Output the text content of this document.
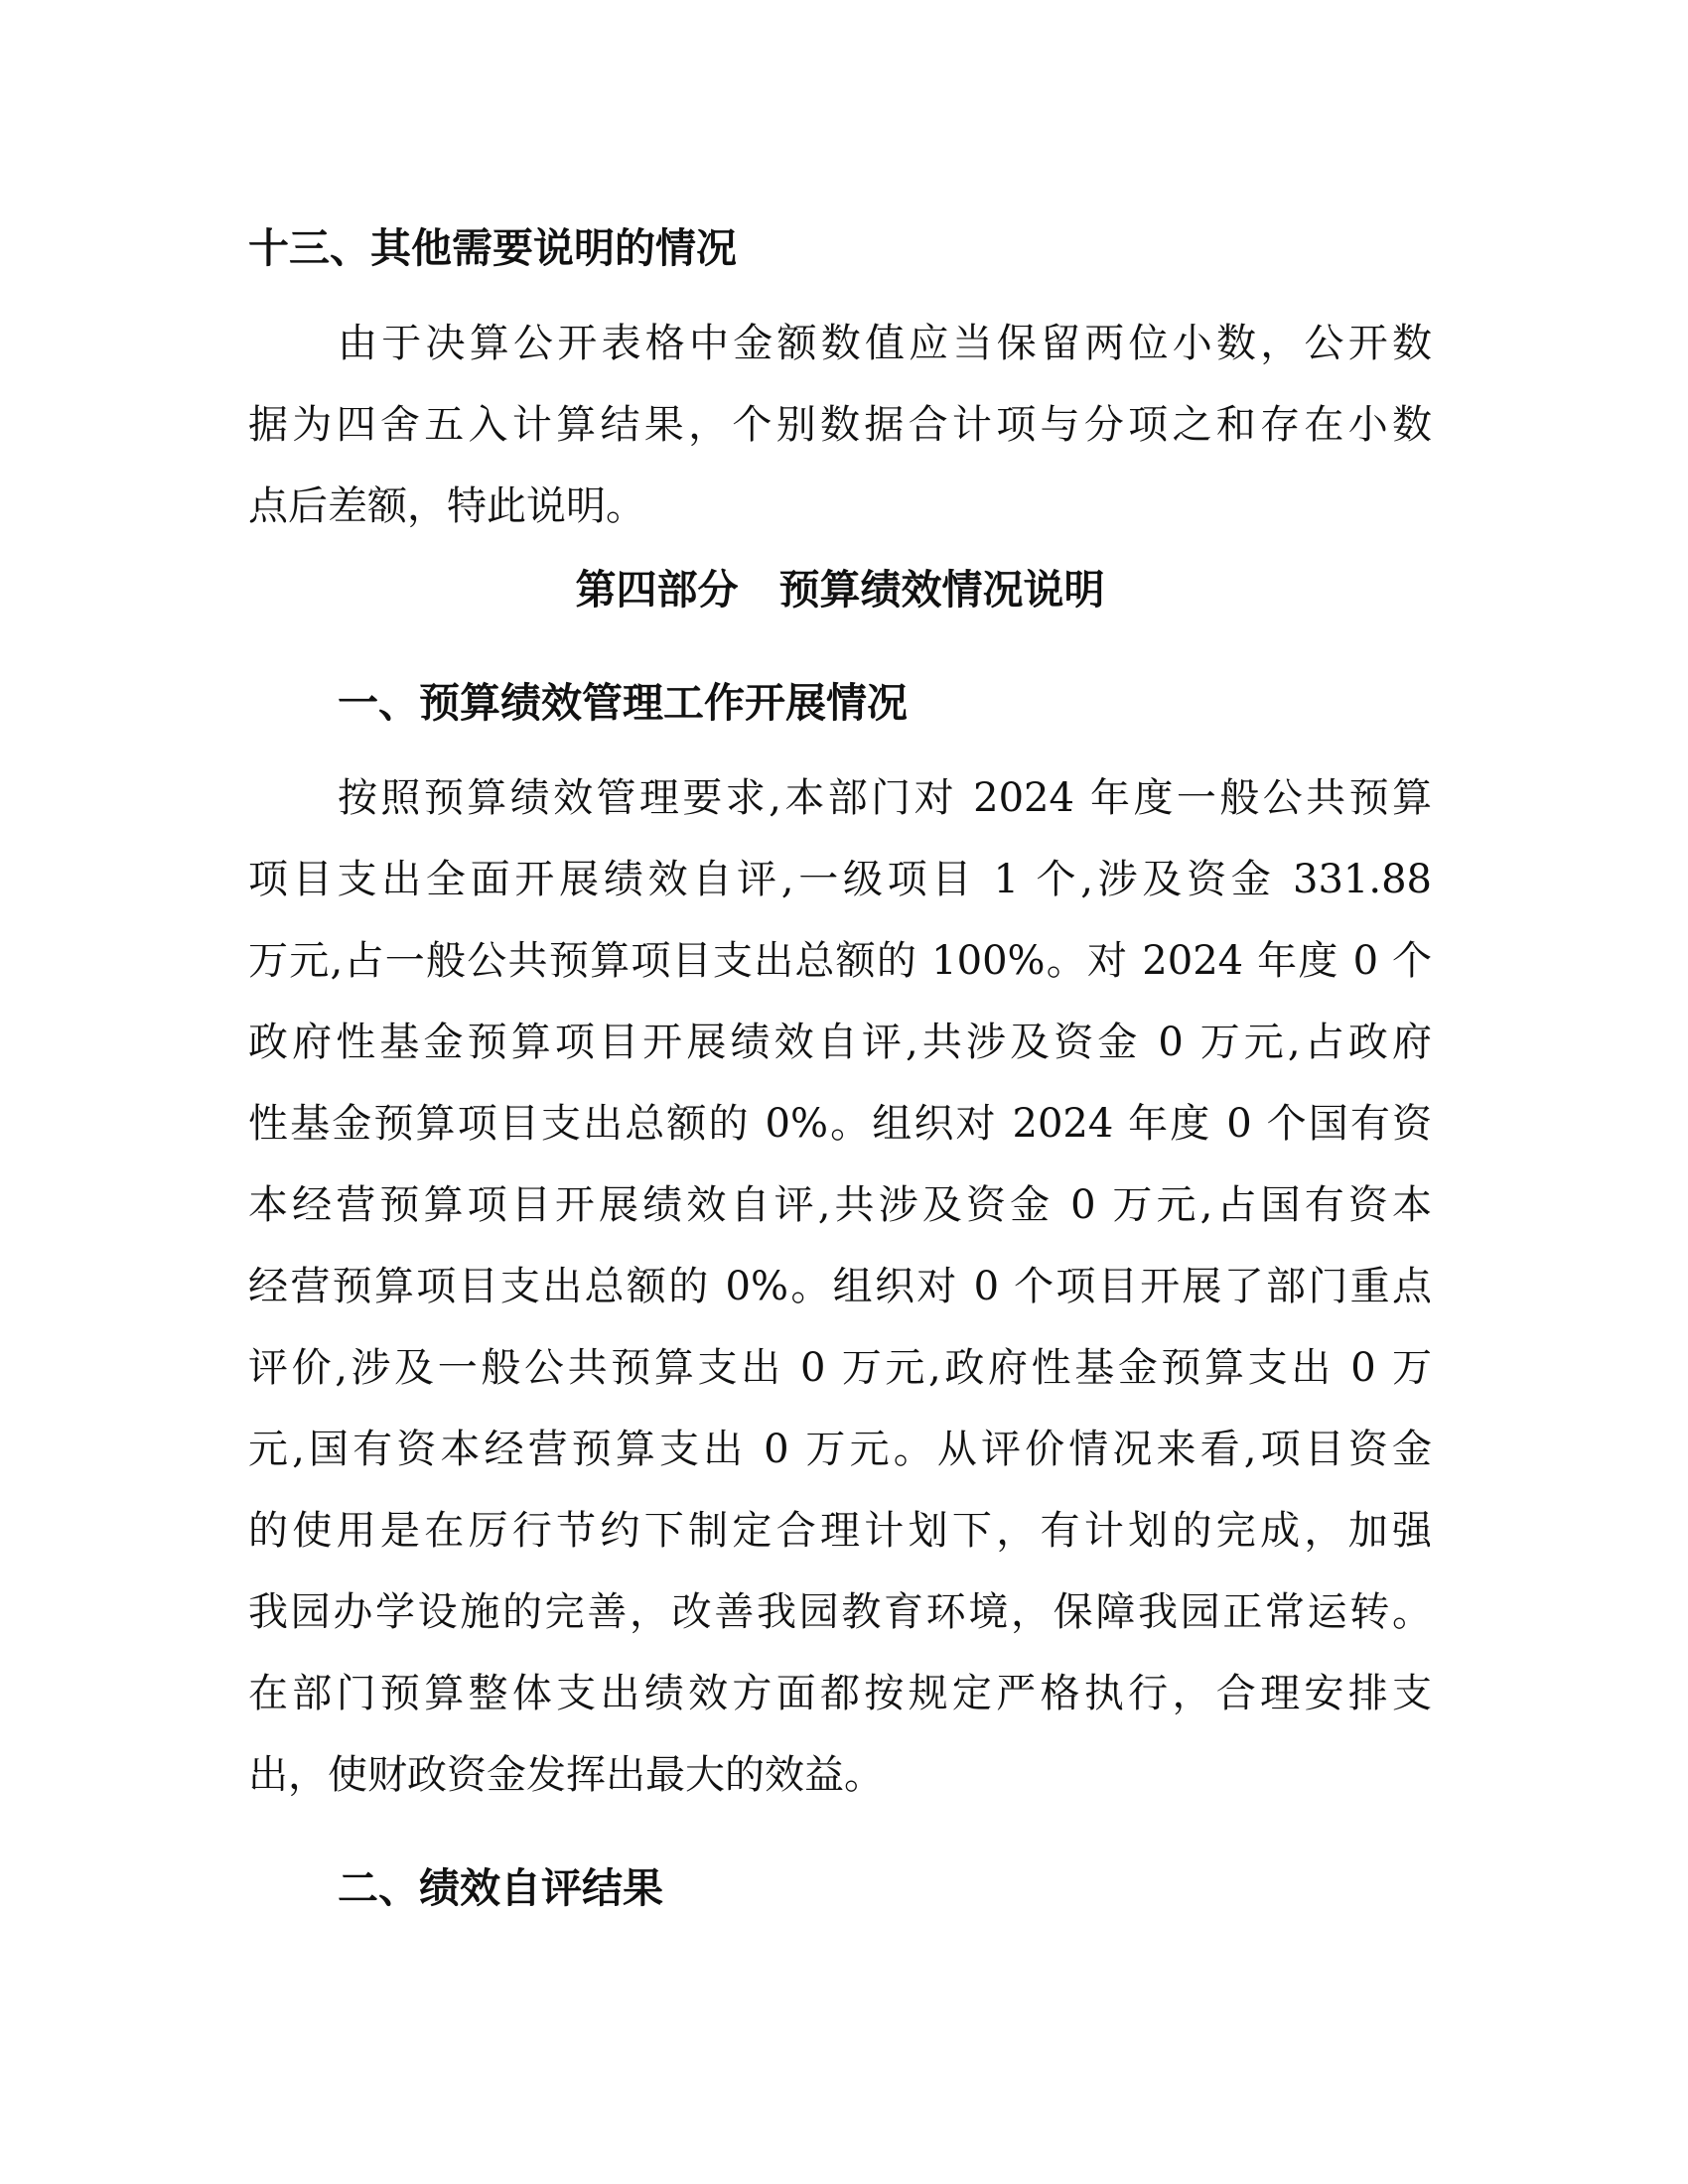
十三、其他需要说明的情况
由于决算公开表格中金额数值应当保留两位小数，公开数
据为四舍五入计算结果，个别数据合计项与分项之和存在小数
点后差额，特此说明。
第四部分　预算绩效情况说明
一、预算绩效管理工作开展情况
按照预算绩效管理要求,本部门对 2024 年度一般公共预算
项目支出全面开展绩效自评,一级项目 1 个,涉及资金 331.88
万元,占一般公共预算项目支出总额的 100%。对 2024 年度 0 个
政府性基金预算项目开展绩效自评,共涉及资金 0 万元,占政府
性基金预算项目支出总额的 0%。组织对 2024 年度 0 个国有资
本经营预算项目开展绩效自评,共涉及资金 0 万元,占国有资本
经营预算项目支出总额的 0%。组织对 0 个项目开展了部门重点
评价,涉及一般公共预算支出 0 万元,政府性基金预算支出 0 万
元,国有资本经营预算支出 0 万元。从评价情况来看,项目资金
的使用是在厉行节约下制定合理计划下，有计划的完成，加强
我园办学设施的完善，改善我园教育环境，保障我园正常运转。
在部门预算整体支出绩效方面都按规定严格执行，合理安排支
出，使财政资金发挥出最大的效益。
二、绩效自评结果
